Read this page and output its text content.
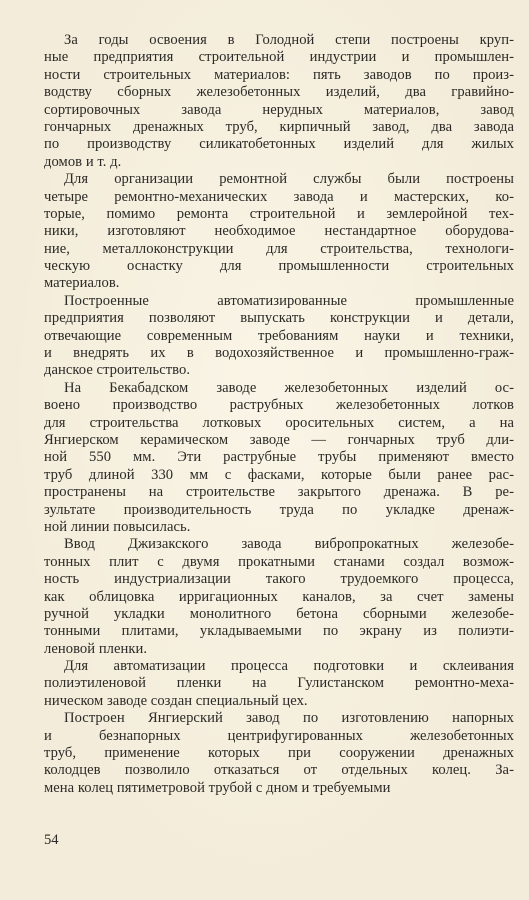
За годы освоения в Голодной степи построены круп-
ные предприятия строительной индустрии и промышлен-
ности строительных материалов: пять заводов по произ-
водству сборных железобетонных изделий, два гравийно-
сортировочных завода нерудных материалов, завод
гончарных дренажных труб, кирпичный завод, два завода
по производству силикатобетонных изделий для жилых
домов и т. д.
Для организации ремонтной службы были построены
четыре ремонтно-механических завода и мастерских, ко-
торые, помимо ремонта строительной и землеройной тех-
ники, изготовляют необходимое нестандартное оборудова-
ние, металлоконструкции для строительства, технологи-
ческую оснастку для промышленности строительных
материалов.
Построенные автоматизированные промышленные
предприятия позволяют выпускать конструкции и детали,
отвечающие современным требованиям науки и техники,
и внедрять их в водохозяйственное и промышленно-граж-
данское строительство.
На Бекабадском заводе железобетонных изделий ос-
воено производство раструбных железобетонных лотков
для строительства лотковых оросительных систем, а на
Янгиерском керамическом заводе — гончарных труб дли-
ной 550 мм. Эти раструбные трубы применяют вместо
труб длиной 330 мм с фасками, которые были ранее рас-
пространены на строительстве закрытого дренажа. В ре-
зультате производительность труда по укладке дренаж-
ной линии повысилась.
Ввод Джизакского завода вибропрокатных железобе-
тонных плит с двумя прокатными станами создал возмож-
ность индустриализации такого трудоемкого процесса,
как облицовка ирригационных каналов, за счет замены
ручной укладки монолитного бетона сборными железобе-
тонными плитами, укладываемыми по экрану из полиэти-
леновой пленки.
Для автоматизации процесса подготовки и склеивания
полиэтиленовой пленки на Гулистанском ремонтно-меха-
ническом заводе создан специальный цех.
Построен Янгиерский завод по изготовлению напорных
и безнапорных центрифугированных железобетонных
труб, применение которых при сооружении дренажных
колодцев позволило отказаться от отдельных колец. За-
мена колец пятиметровой трубой с дном и требуемыми
54
